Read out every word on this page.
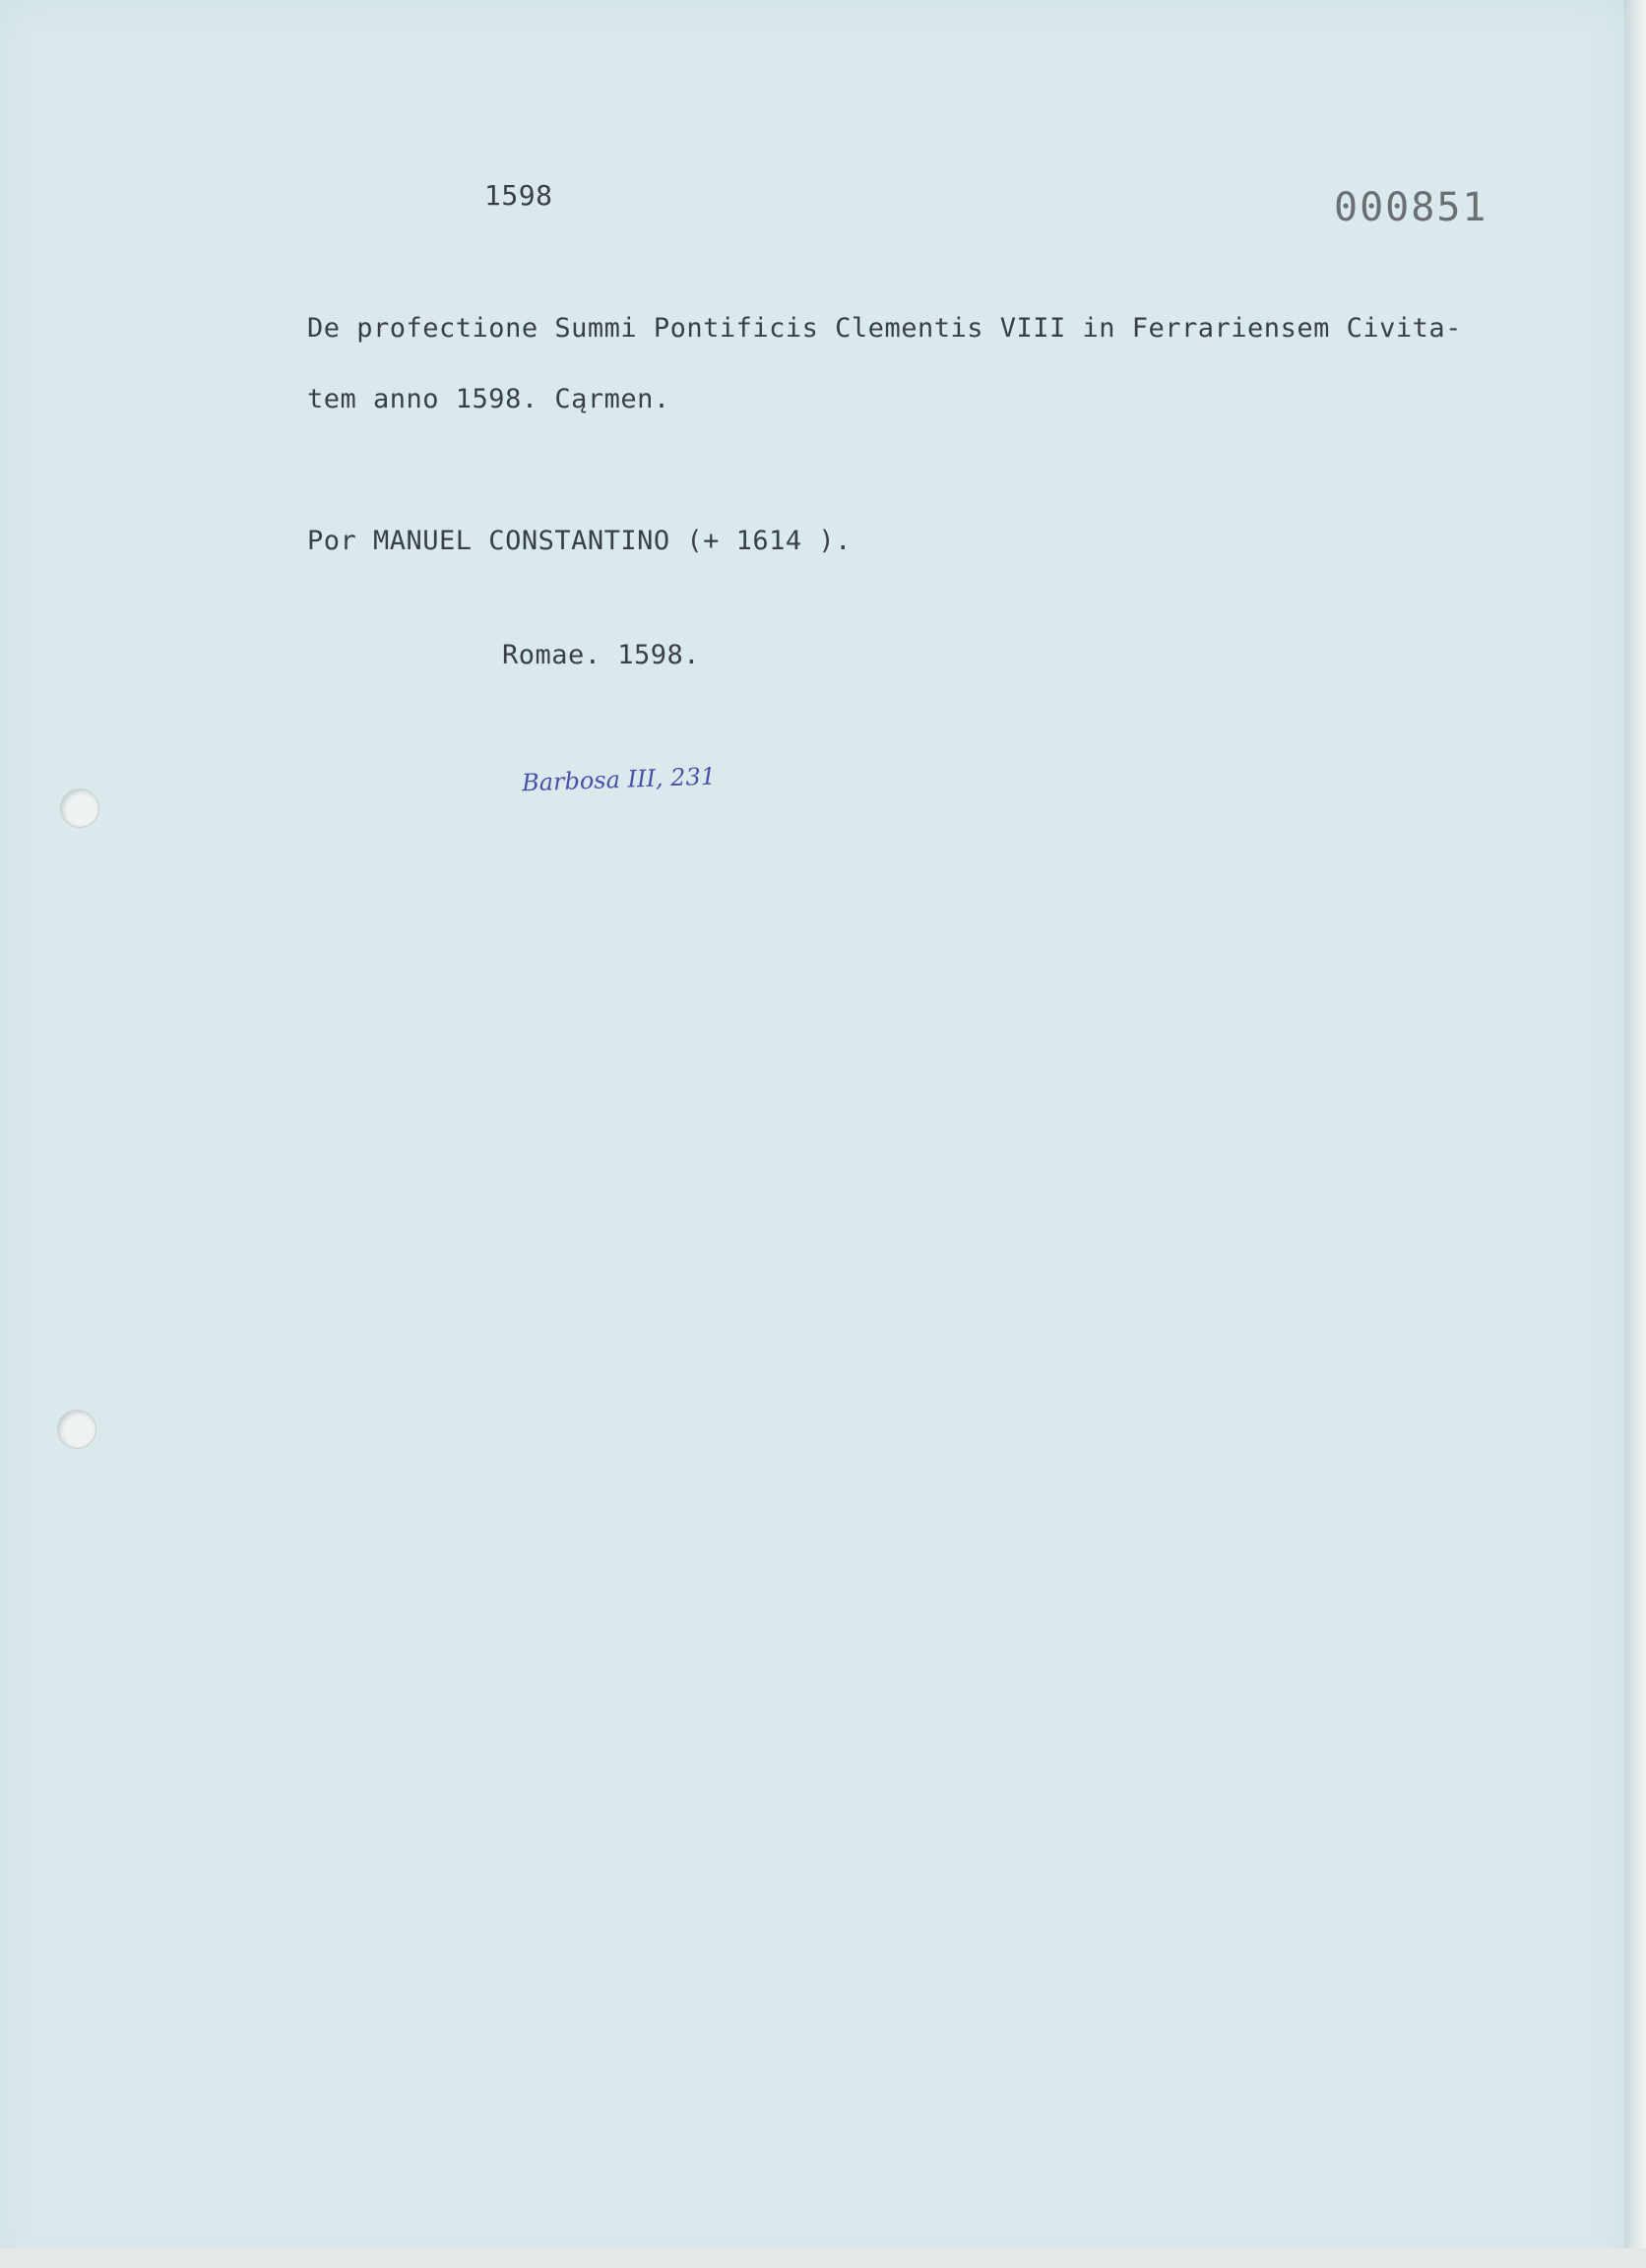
1598	000851
De profectione Summi Pontificis Clementis VIII in Ferrariensem Civita-
tem anno 1598. Cąrmen.
Por MANUEL CONSTANTINO (+ 1614 ).
Romae. 1598.
Barbosa III, 231
